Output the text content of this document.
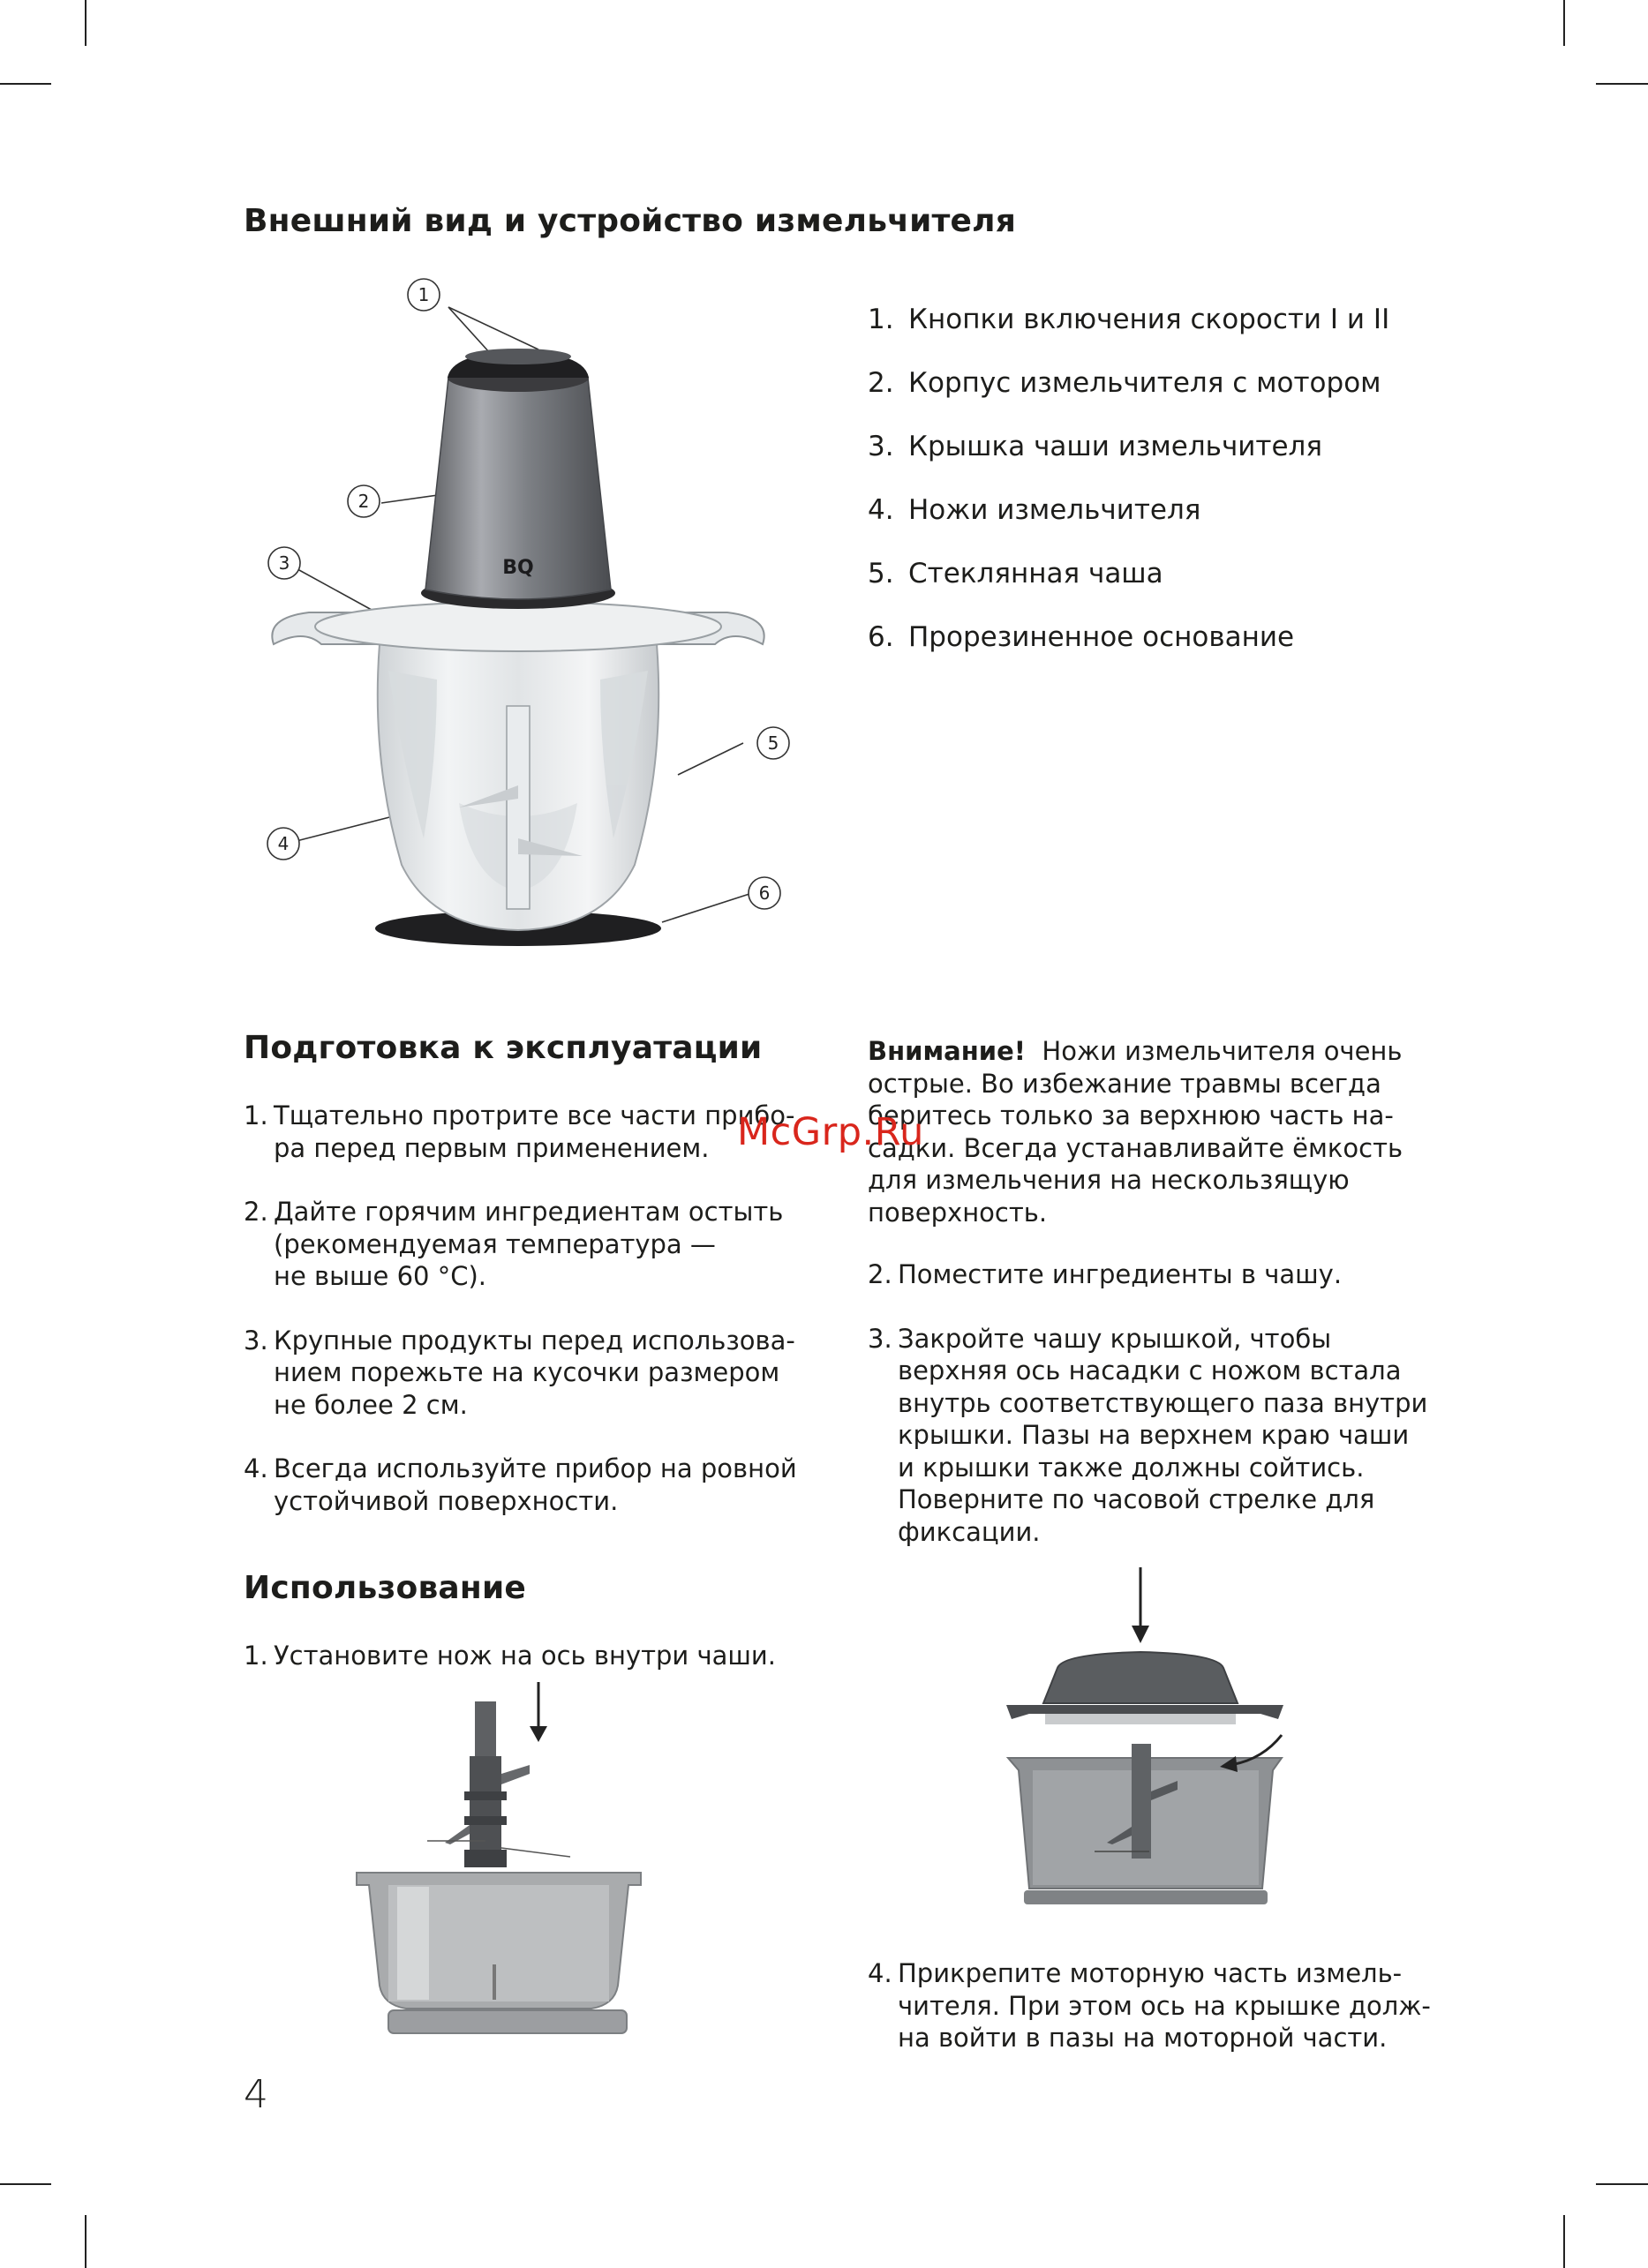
Внешний вид и устройство измельчителя
1
2
3
4
5
6
BQ
1. Кнопки включения скорости I и II
2. Корпус измельчителя с мотором
3. Крышка чаши измельчителя
4. Ножи измельчителя
5. Стеклянная чаша
6. Прорезиненное основание
Подготовка к эксплуатации
1. Тщательно протрите все части прибо-
ра перед первым применением.
2. Дайте горячим ингредиентам остыть
(рекомендуемая температура —
не выше 60 °C).
3. Крупные продукты перед использова-
нием порежьте на кусочки размером
не более 2 см.
4. Всегда используйте прибор на ровной
устойчивой поверхности.
Использование
1. Установите нож на ось внутри чаши.
Внимание! Ножи измельчителя очень
острые. Во избежание травмы всегда
беритесь только за верхнюю часть на-
садки. Всегда устанавливайте ёмкость
для измельчения на нескользящую
поверхность.
2. Поместите ингредиенты в чашу.
3. Закройте чашу крышкой, чтобы
верхняя ось насадки с ножом встала
внутрь соответствующего паза внутри
крышки. Пазы на верхнем краю чаши
и крышки также должны сойтись.
Поверните по часовой стрелке для
фиксации.
4. Прикрепите моторную часть измель-
чителя. При этом ось на крышке долж-
на войти в пазы на моторной части.
McGrp.Ru
4
